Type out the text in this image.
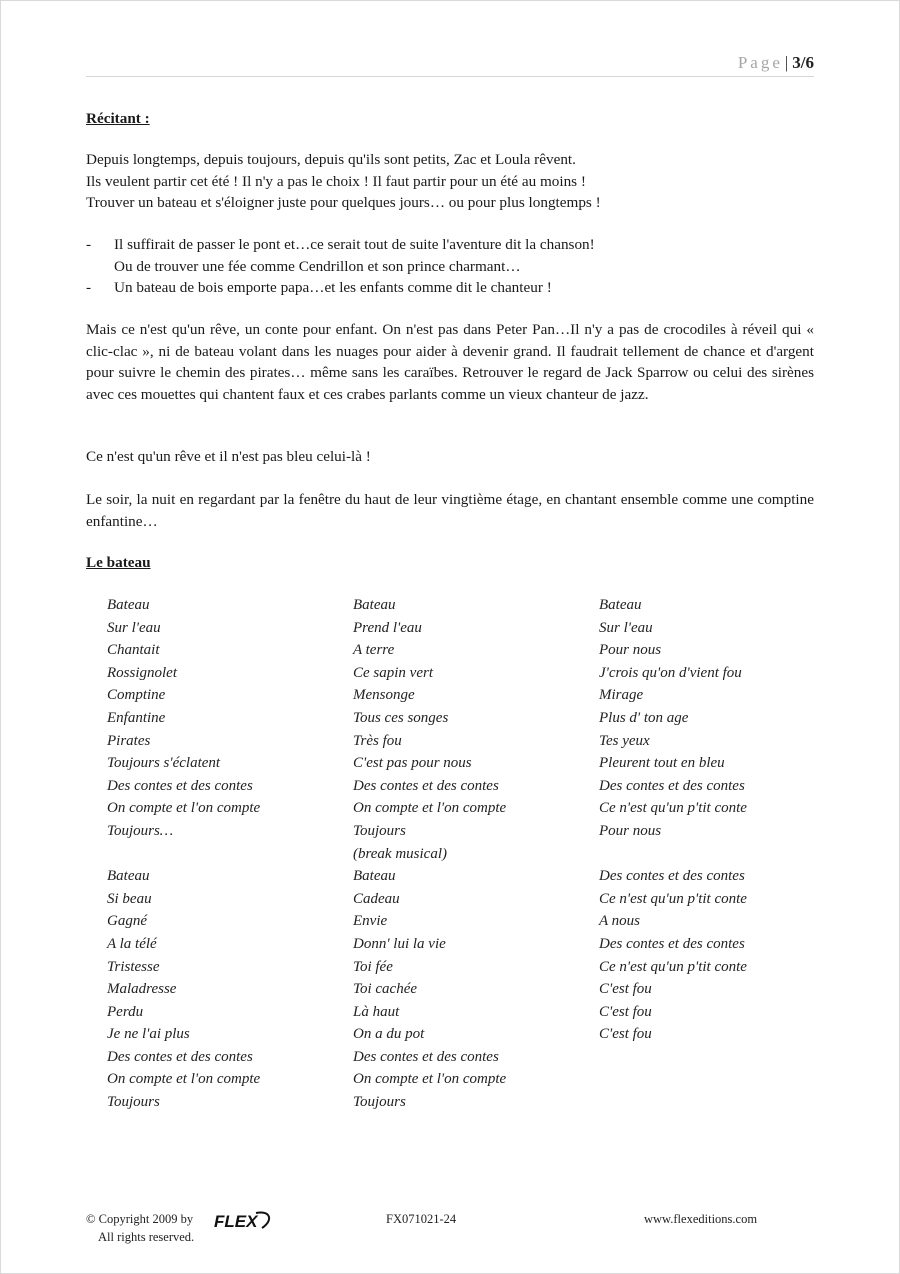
Page | 3/6
Récitant :

Depuis longtemps, depuis toujours, depuis qu'ils sont petits, Zac et Loula rêvent.

Ils veulent partir cet été ! Il n'y a pas le choix ! Il faut partir pour un été au moins !

Trouver un bateau et s'éloigner juste pour quelques jours… ou pour plus longtemps !

- Il suffirait de passer le pont et…ce serait tout de suite l'aventure dit la chanson!
Ou de trouver une fée comme Cendrillon et son prince charmant…
- Un bateau de bois emporte papa…et les enfants comme dit le chanteur !

Mais ce n'est qu'un rêve, un conte pour enfant. On n'est pas dans Peter Pan…Il n'y a pas de crocodiles à réveil qui « clic-clac », ni de bateau volant dans les nuages pour aider à devenir grand. Il faudrait tellement de chance et d'argent pour suivre le chemin des pirates… même sans les caraïbes. Retrouver le regard de Jack Sparrow ou celui des sirènes avec ces mouettes qui chantent faux et ces crabes parlants comme un vieux chanteur de jazz.

Ce n'est qu'un rêve et il n'est pas bleu celui-là !

Le soir, la nuit en regardant par la fenêtre du haut de leur vingtième étage, en chantant ensemble comme une comptine enfantine…

Le bateau
Bateau
Sur l'eau
Chantait
Rossignolet
Comptine
Enfantine
Pirates
Toujours s'éclatent
Des contes et des contes
On compte et l'on compte
Toujours…
Bateau
Prend l'eau
A terre
Ce sapin vert
Mensonge
Tous ces songes
Très fou
C'est pas pour nous
Des contes et des contes
On compte et l'on compte
Toujours
(break musical)
Bateau
Sur l'eau
Pour nous
J'crois qu'on d'vient fou
Mirage
Plus d' ton age
Tes yeux
Pleurent tout en bleu
Des contes et des contes
Ce n'est qu'un p'tit conte
Pour nous
Bateau
Si beau
Gagné
A la télé
Tristesse
Maladresse
Perdu
Je ne l'ai plus
Des contes et des contes
On compte et l'on compte
Toujours
Bateau
Cadeau
Envie
Donn' lui la vie
Toi fée
Toi cachée
Là haut
On a du pot
Des contes et des contes
On compte et l'on compte
Toujours
Des contes et des contes
Ce n'est qu'un p'tit conte
A nous
Des contes et des contes
Ce n'est qu'un p'tit conte
C'est fou
C'est fou
C'est fou
© Copyright 2009 by FLEX
All rights reserved.
FX071021-24	www.flexeditions.com
